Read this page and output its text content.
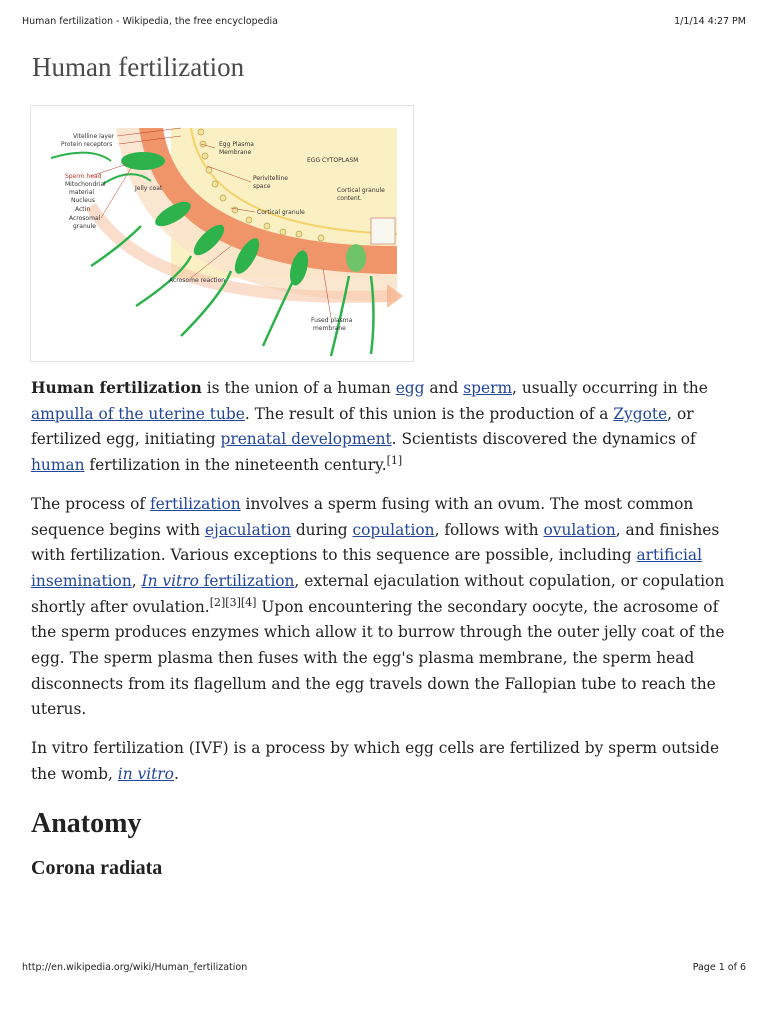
Human fertilization - Wikipedia, the free encyclopedia	1/1/14 4:27 PM
Human fertilization
Vitelline layer
Protein receptors
Sperm head
Mitochondrial
material
Nucleus
Actin
Acrosomal
granule
Jelly coat
Egg Plasma
Membrane
EGG CYTOPLASM
Perivitelline
space
Cortical granule
content.
Cortical granule
Acrosome reaction
Fused plasma
membrane

Human fertilization is the union of a human egg and sperm, usually occurring in the ampulla of the uterine tube. The result of this union is the production of a Zygote, or fertilized egg, initiating prenatal development. Scientists discovered the dynamics of human fertilization in the nineteenth century.[1]

The process of fertilization involves a sperm fusing with an ovum. The most common sequence begins with ejaculation during copulation, follows with ovulation, and finishes with fertilization. Various exceptions to this sequence are possible, including artificial insemination, In vitro fertilization, external ejaculation without copulation, or copulation shortly after ovulation.[2][3][4] Upon encountering the secondary oocyte, the acrosome of the sperm produces enzymes which allow it to burrow through the outer jelly coat of the egg. The sperm plasma then fuses with the egg's plasma membrane, the sperm head disconnects from its flagellum and the egg travels down the Fallopian tube to reach the uterus.

In vitro fertilization (IVF) is a process by which egg cells are fertilized by sperm outside the womb, in vitro.

Anatomy
Corona radiata
http://en.wikipedia.org/wiki/Human_fertilization	Page 1 of 6
